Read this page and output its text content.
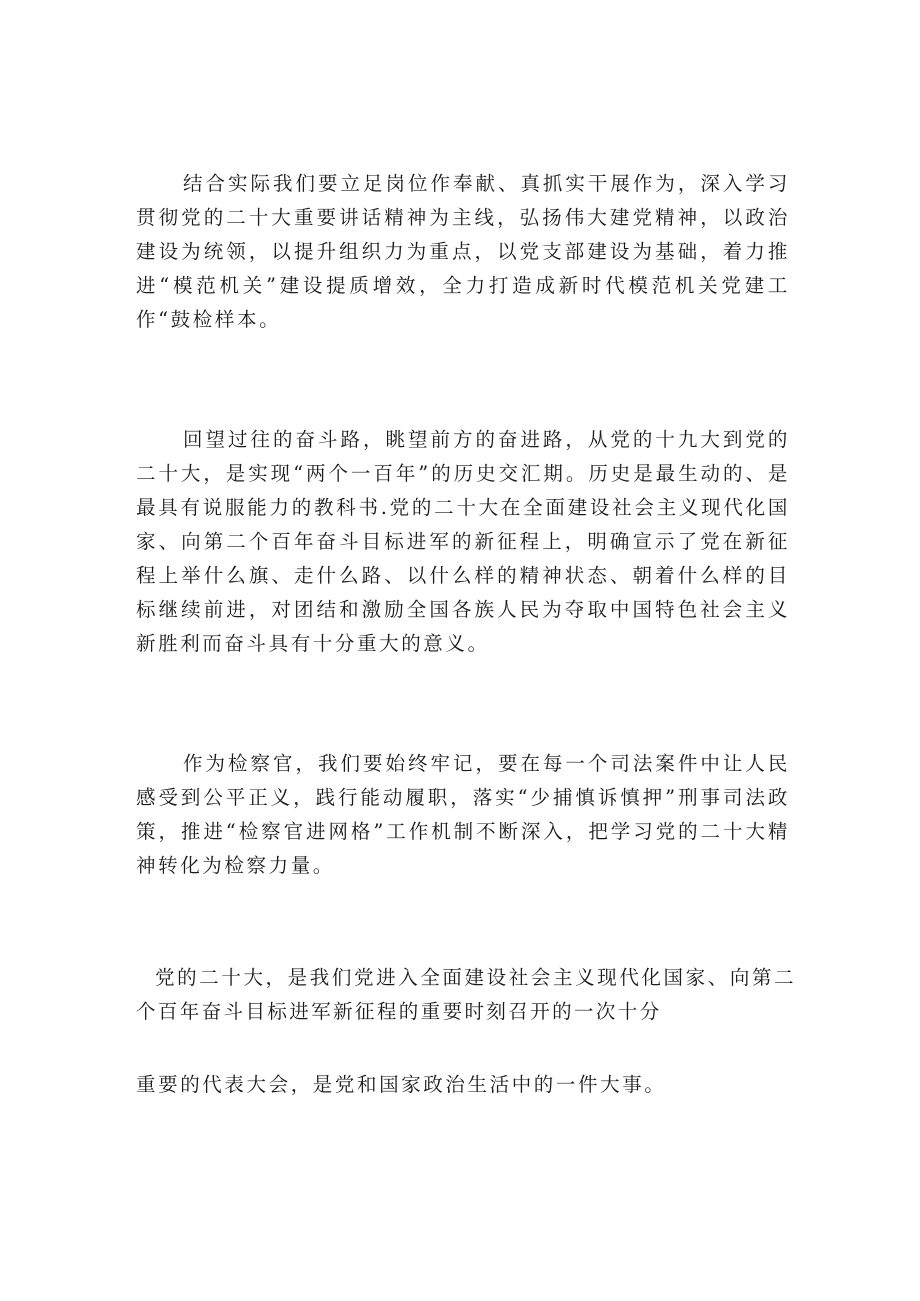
结合实际我们要立足岗位作奉献、真抓实干展作为，深入学习贯彻党的二十大重要讲话精神为主线，弘扬伟大建党精神，以政治建设为统领，以提升组织力为重点，以党支部建设为基础，着力推进“模范机关”建设提质增效，全力打造成新时代模范机关党建工作“鼓检样本。

回望过往的奋斗路，眺望前方的奋进路，从党的十九大到党的二十大，是实现“两个一百年”的历史交汇期。历史是最生动的、是最具有说服能力的教科书.党的二十大在全面建设社会主义现代化国家、向第二个百年奋斗目标进军的新征程上，明确宣示了党在新征程上举什么旗、走什么路、以什么样的精神状态、朝着什么样的目标继续前进，对团结和激励全国各族人民为夺取中国特色社会主义新胜利而奋斗具有十分重大的意义。

作为检察官，我们要始终牢记，要在每一个司法案件中让人民感受到公平正义，践行能动履职，落实“少捕慎诉慎押”刑事司法政策，推进“检察官进网格”工作机制不断深入，把学习党的二十大精神转化为检察力量。

党的二十大，是我们党进入全面建设社会主义现代化国家、向第二个百年奋斗目标进军新征程的重要时刻召开的一次十分

重要的代表大会，是党和国家政治生活中的一件大事。
